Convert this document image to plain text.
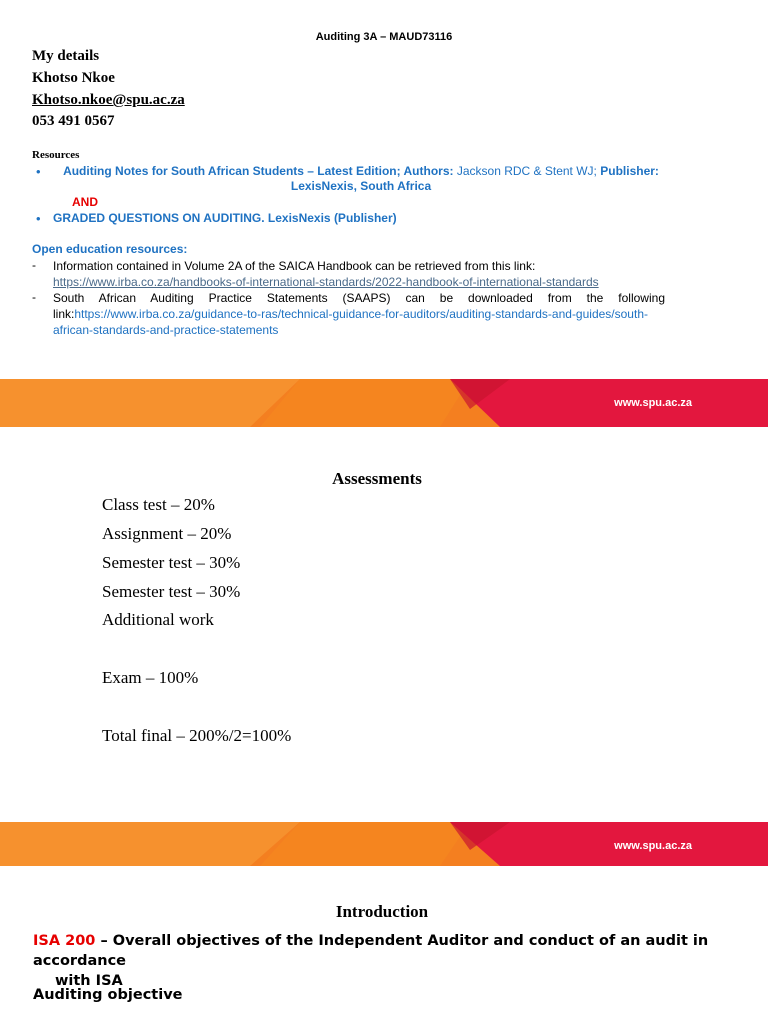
Auditing 3A – MAUD73116
My details
Khotso Nkoe
Khotso.nkoe@spu.ac.za
053 491 0567
Resources
•	Auditing Notes for South African Students – Latest Edition; Authors: Jackson RDC & Stent WJ; Publisher:
LexisNexis, South Africa
AND
• GRADED QUESTIONS ON AUDITING. LexisNexis (Publisher)
Open education resources:
- Information contained in Volume 2A of the SAICA Handbook can be retrieved from this link:
https://www.irba.co.za/handbooks-of-international-standards/2022-handbook-of-international-standards
- South African Auditing Practice Statements (SAAPS) can be downloaded from the following link:https://www.irba.co.za/guidance-to-ras/technical-guidance-for-auditors/auditing-standards-and-guides/south-african-standards-and-practice-statements
www.spu.ac.za
Assessments
Class test – 20%
Assignment – 20%
Semester test – 30%
Semester test – 30%
Additional work
Exam – 100%
Total final – 200%/2=100%
www.spu.ac.za
Introduction
ISA 200 – Overall objectives of the Independent Auditor and conduct of an audit in accordance
with ISA
Auditing objective
